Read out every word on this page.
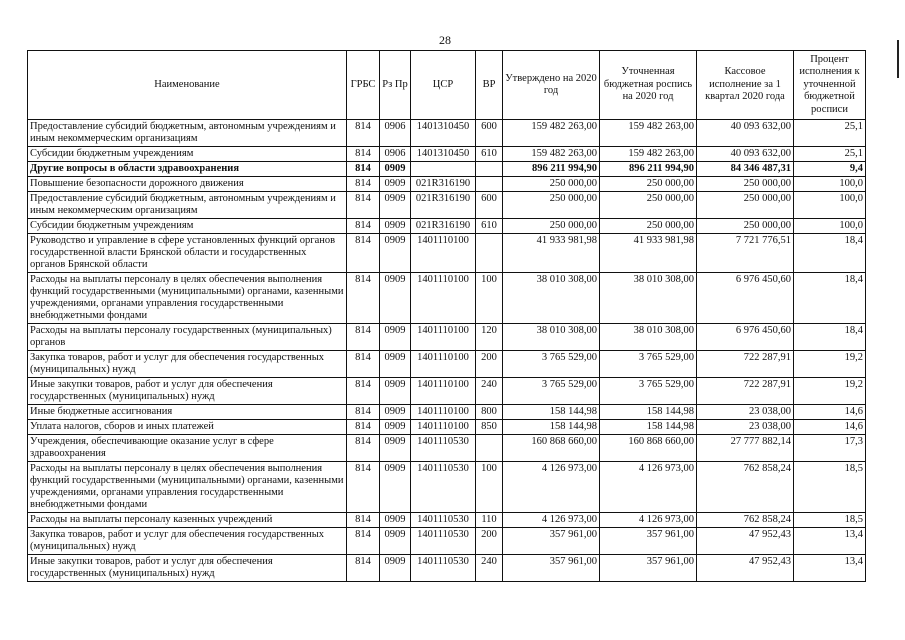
28
Наименование	ГРБС	Рз Пр	ЦСР	ВР	Утверждено на 2020 год	Уточненная бюджетная роспись на 2020 год	Кассовое исполнение за 1 квартал 2020 года	Процент исполнения к уточненной бюджетной росписи
Предоставление субсидий бюджетным, автономным учреждениям и иным некоммерческим организациям	814	0906	1401310450	600	159 482 263,00	159 482 263,00	40 093 632,00	25,1
Субсидии бюджетным учреждениям	814	0906	1401310450	610	159 482 263,00	159 482 263,00	40 093 632,00	25,1
Другие вопросы в области здравоохранения	814	0909			896 211 994,90	896 211 994,90	84 346 487,31	9,4
Повышение безопасности дорожного движения	814	0909	021R316190		250 000,00	250 000,00	250 000,00	100,0
Предоставление субсидий бюджетным, автономным учреждениям и иным некоммерческим организациям	814	0909	021R316190	600	250 000,00	250 000,00	250 000,00	100,0
Субсидии бюджетным учреждениям	814	0909	021R316190	610	250 000,00	250 000,00	250 000,00	100,0
Руководство и управление в сфере установленных функций органов государственной власти Брянской области и государственных органов Брянской области	814	0909	1401110100		41 933 981,98	41 933 981,98	7 721 776,51	18,4
Расходы на выплаты персоналу в целях обеспечения выполнения функций государственными (муниципальными) органами, казенными учреждениями, органами управления государственными внебюджетными фондами	814	0909	1401110100	100	38 010 308,00	38 010 308,00	6 976 450,60	18,4
Расходы на выплаты персоналу государственных (муниципальных) органов	814	0909	1401110100	120	38 010 308,00	38 010 308,00	6 976 450,60	18,4
Закупка товаров, работ и услуг для обеспечения государственных (муниципальных) нужд	814	0909	1401110100	200	3 765 529,00	3 765 529,00	722 287,91	19,2
Иные закупки товаров, работ и услуг для обеспечения государственных (муниципальных) нужд	814	0909	1401110100	240	3 765 529,00	3 765 529,00	722 287,91	19,2
Иные бюджетные ассигнования	814	0909	1401110100	800	158 144,98	158 144,98	23 038,00	14,6
Уплата налогов, сборов и иных платежей	814	0909	1401110100	850	158 144,98	158 144,98	23 038,00	14,6
Учреждения, обеспечивающие оказание услуг в сфере здравоохранения	814	0909	1401110530		160 868 660,00	160 868 660,00	27 777 882,14	17,3
Расходы на выплаты персоналу в целях обеспечения выполнения функций государственными (муниципальными) органами, казенными учреждениями, органами управления государственными внебюджетными фондами	814	0909	1401110530	100	4 126 973,00	4 126 973,00	762 858,24	18,5
Расходы на выплаты персоналу казенных учреждений	814	0909	1401110530	110	4 126 973,00	4 126 973,00	762 858,24	18,5
Закупка товаров, работ и услуг для обеспечения государственных (муниципальных) нужд	814	0909	1401110530	200	357 961,00	357 961,00	47 952,43	13,4
Иные закупки товаров, работ и услуг для обеспечения государственных (муниципальных) нужд	814	0909	1401110530	240	357 961,00	357 961,00	47 952,43	13,4
